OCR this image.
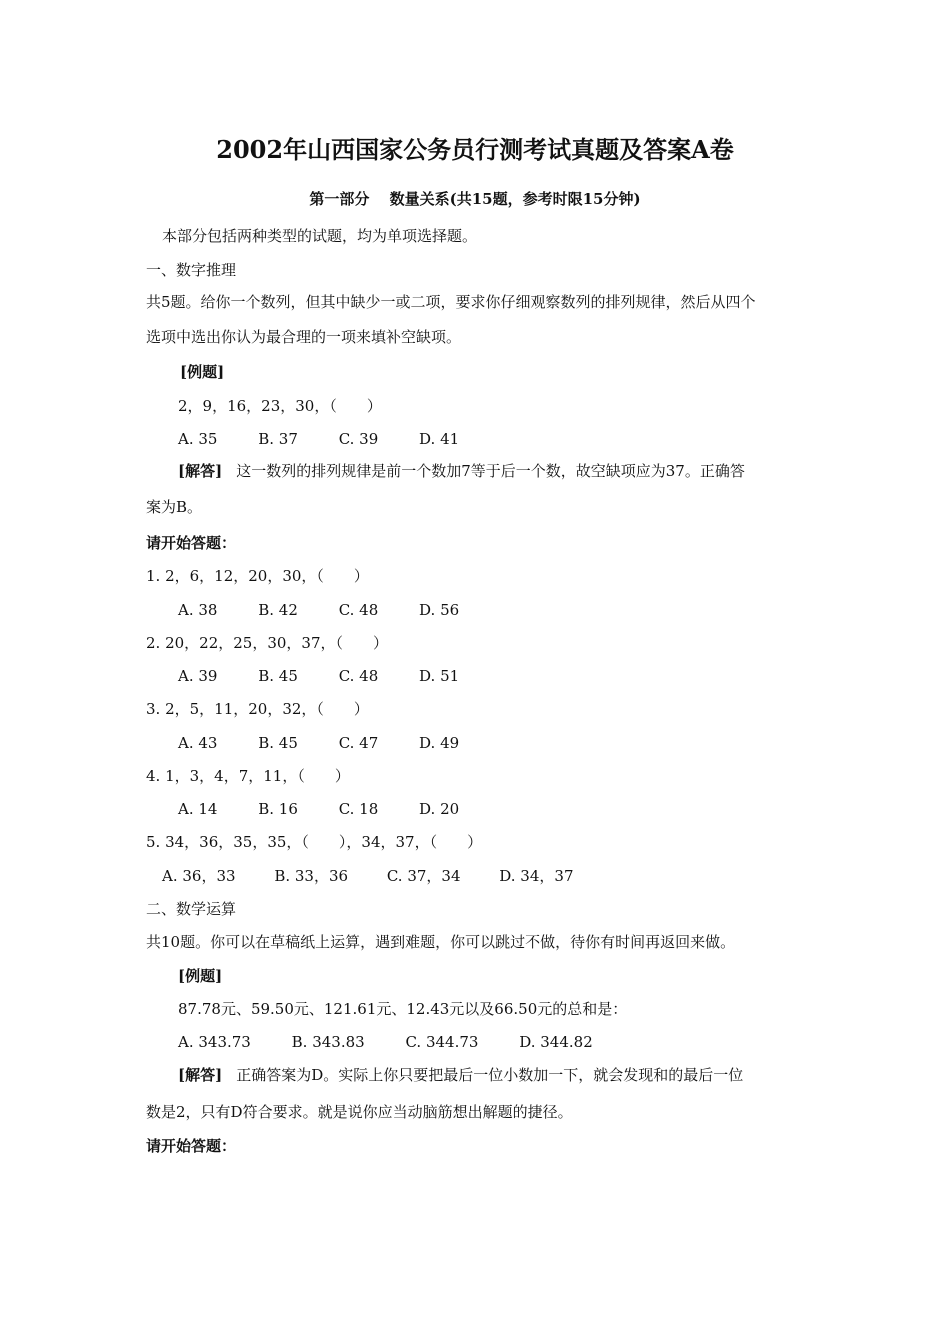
2002年山西国家公务员行测考试真题及答案A卷
第一部分　 数量关系(共15题，参考时限15分钟)
本部分包括两种类型的试题，均为单项选择题。
一、数字推理
共5题。给你一个数列，但其中缺少一或二项，要求你仔细观察数列的排列规律，然后从四个
选项中选出你认为最合理的一项来填补空缺项。
[例题]
2，9，16，23，30，（　　）
A. 35	B. 37	C. 39	D. 41
[解答] 这一数列的排列规律是前一个数加7等于后一个数，故空缺项应为37。正确答
案为B。
请开始答题：
1. 2，6，12，20，30，（　　）
A. 38	B. 42	C. 48	D. 56
2. 20，22，25，30，37，（　　）
A. 39	B. 45	C. 48	D. 51
3. 2，5，11，20，32，（　　）
A. 43	B. 45	C. 47	D. 49
4. 1，3，4，7，11，（　　）
A. 14	B. 16	C. 18	D. 20
5. 34，36，35，35，（　　），34，37，（　　）
A. 36，33	B. 33，36	C. 37，34	D. 34，37
二、数学运算
共10题。你可以在草稿纸上运算，遇到难题，你可以跳过不做，待你有时间再返回来做。
[例题]
87.78元、59.50元、121.61元、12.43元以及66.50元的总和是：
A. 343.73	B. 343.83	C. 344.73	D. 344.82
[解答] 正确答案为D。实际上你只要把最后一位小数加一下，就会发现和的最后一位
数是2，只有D符合要求。就是说你应当动脑筋想出解题的捷径。
请开始答题：
